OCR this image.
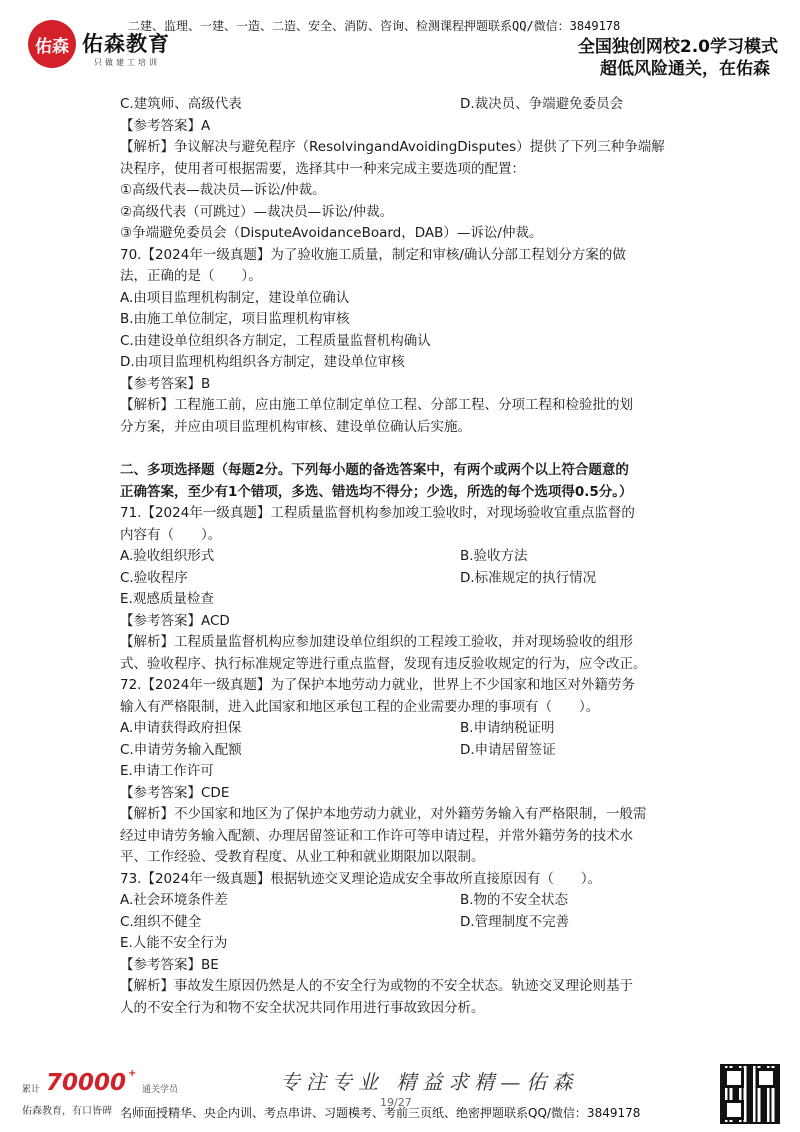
佑森 佑森教育
只做建工培训
二建、监理、一建、一造、二造、安全、消防、咨询、检测课程押题联系QQ/微信：3849178
全国独创网校2.0学习模式
超低风险通关，在佑森
C.建筑师、高级代表	D.裁决员、争端避免委员会
【参考答案】A
【解析】争议解决与避免程序（ResolvingandAvoidingDisputes）提供了下列三种争端解
决程序，使用者可根据需要，选择其中一种来完成主要选项的配置：
①高级代表—裁决员—诉讼/仲裁。
②高级代表（可跳过）—裁决员—诉讼/仲裁。
③争端避免委员会（DisputeAvoidanceBoard，DAB）—诉讼/仲裁。
70.【2024年一级真题】为了验收施工质量，制定和审核/确认分部工程划分方案的做
法，正确的是（　　）。
A.由项目监理机构制定，建设单位确认
B.由施工单位制定，项目监理机构审核
C.由建设单位组织各方制定，工程质量监督机构确认
D.由项目监理机构组织各方制定，建设单位审核
【参考答案】B
【解析】工程施工前，应由施工单位制定单位工程、分部工程、分项工程和检验批的划
分方案，并应由项目监理机构审核、建设单位确认后实施。
二、多项选择题（每题2分。下列每小题的备选答案中，有两个或两个以上符合题意的
正确答案，至少有1个错项，多选、错选均不得分；少选，所选的每个选项得0.5分。）
71.【2024年一级真题】工程质量监督机构参加竣工验收时，对现场验收宜重点监督的
内容有（　　）。
A.验收组织形式	B.验收方法
C.验收程序	D.标准规定的执行情况
E.观感质量检查
【参考答案】ACD
【解析】工程质量监督机构应参加建设单位组织的工程竣工验收，并对现场验收的组形
式、验收程序、执行标准规定等进行重点监督，发现有违反验收规定的行为，应令改正。
72.【2024年一级真题】为了保护本地劳动力就业，世界上不少国家和地区对外籍劳务
输入有严格限制，进入此国家和地区承包工程的企业需要办理的事项有（　　）。
A.申请获得政府担保	B.申请纳税证明
C.申请劳务输入配额	D.申请居留签证
E.申请工作许可
【参考答案】CDE
【解析】不少国家和地区为了保护本地劳动力就业，对外籍劳务输入有严格限制，一般需
经过申请劳务输入配额、办理居留签证和工作许可等申请过程，并常外籍劳务的技术水
平、工作经验、受教育程度、从业工种和就业期限加以限制。
73.【2024年一级真题】根据轨迹交叉理论造成安全事故所直接原因有（　　）。
A.社会环境条件差	B.物的不安全状态
C.组织不健全	D.管理制度不完善
E.人能不安全行为
【参考答案】BE
【解析】事故发生原因仍然是人的不安全行为或物的不安全状态。轨迹交叉理论则基于
人的不安全行为和物不安全状况共同作用进行事故致因分析。
累计 70000 +
通关学员
佑森教育，有口皆碑
专注专业 精益求精—佑森
19/27
名师面授精华、央企内训、考点串讲、习题模考、考前三页纸、绝密押题联系QQ/微信：3849178
